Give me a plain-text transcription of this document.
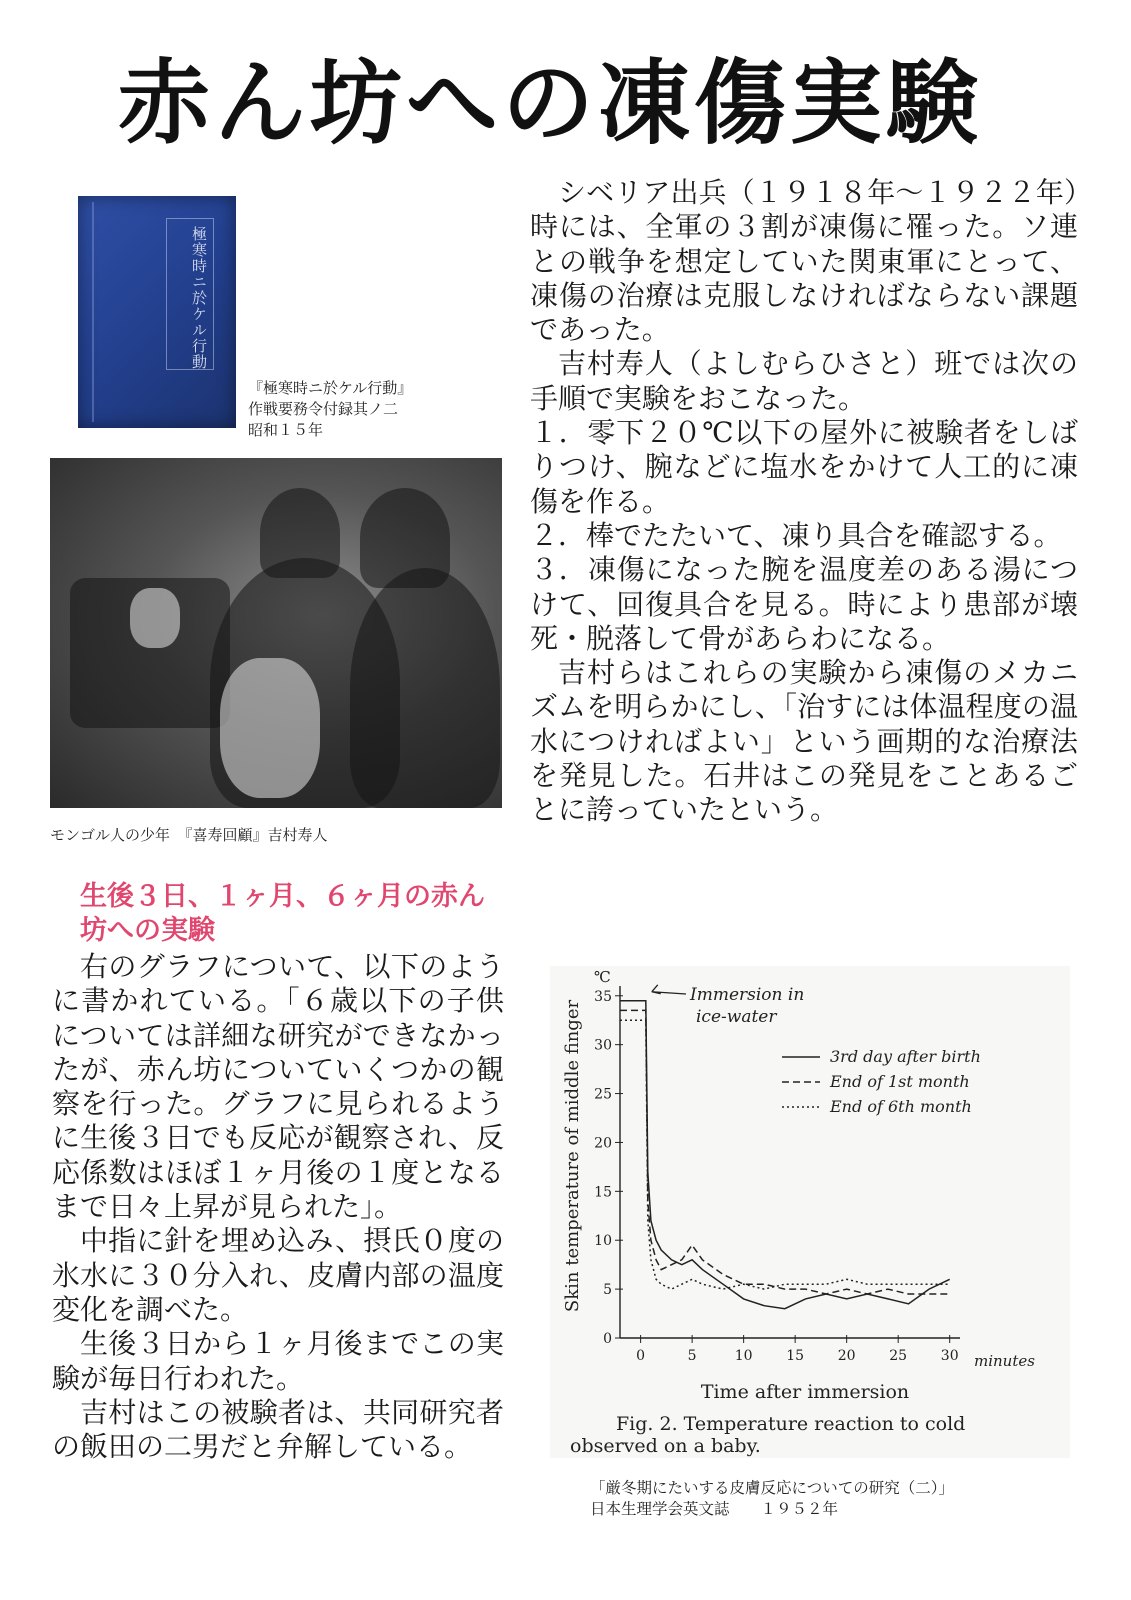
赤ん坊への凍傷実験
極寒時ニ於ケル行動
『極寒時ニ於ケル行動』
作戦要務令付録其ノ二
昭和１５年
モンゴル人の少年　『喜寿回顧』吉村寿人

シベリア出兵（１９１８年～１９２２年）時には、全軍の３割が凍傷に罹った。ソ連との戦争を想定していた関東軍にとって、凍傷の治療は克服しなければならない課題であった。

吉村寿人（よしむらひさと）班では次の手順で実験をおこなった。

１．零下２０℃以下の屋外に被験者をしばりつけ、腕などに塩水をかけて人工的に凍傷を作る。

２．棒でたたいて、凍り具合を確認する。

３．凍傷になった腕を温度差のある湯につけて、回復具合を見る。時により患部が壊死・脱落して骨があらわになる。

吉村らはこれらの実験から凍傷のメカニズムを明らかにし、「治すには体温程度の温水につければよい」という画期的な治療法を発見した。石井はこの発見をことあるごとに誇っていたという。

生後３日、１ヶ月、６ヶ月の赤ん坊への実験

右のグラフについて、以下のように書かれている。「６歳以下の子供については詳細な研究ができなかったが、赤ん坊についていくつかの観察を行った。グラフに見られるように生後３日でも反応が観察され、反応係数はほぼ１ヶ月後の１度となるまで日々上昇が見られた」。

中指に針を埋め込み、摂氏０度の氷水に３０分入れ、皮膚内部の温度変化を調べた。

生後３日から１ヶ月後までこの実験が毎日行われた。

吉村はこの被験者は、共同研究者の飯田の二男だと弁解している。

0
5
10
15
20
25
30
35
0	5	10 15 20 25 30
Skin temperature of middle finger
℃
minutes
Time after immersion
Fig. 2. Temperature reaction to cold
observed on a baby.
Immersion in
ice-water
3rd day after birth
End of 1st month
End of 6th month
「厳冬期にたいする皮膚反応についての研究（二）」
日本生理学会英文誌　　１９５２年
